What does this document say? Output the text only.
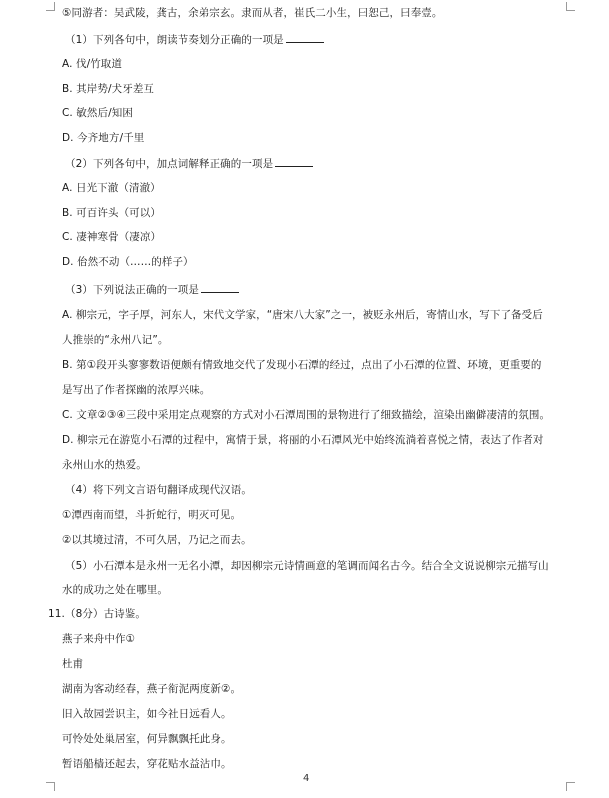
⑤同游者：吴武陵，龚古，余弟宗玄。隶而从者，崔氏二小生，曰恕己，曰奉壹。
（1）下列各句中，朗读节奏划分正确的一项是
A. 伐/竹取道
B. 其岸势/犬牙差互
C. 敏然后/知困
D. 今齐地方/千里
（2）下列各句中，加点词解释正确的一项是
A. 日光下澈（清澈）
B. 可百许头（可以）
C. 凄神寒骨（凄凉）
D. 佁然不动（……的样子）
（3）下列说法正确的一项是
A. 柳宗元，字子厚，河东人，宋代文学家，“唐宋八大家”之一，被贬永州后，寄情山水，写下了备受后
人推崇的“永州八记”。
B. 第①段开头寥寥数语便颇有情致地交代了发现小石潭的经过，点出了小石潭的位置、环境，更重要的
是写出了作者探幽的浓厚兴味。
C. 文章②③④三段中采用定点观察的方式对小石潭周围的景物进行了细致描绘，渲染出幽僻凄清的氛围。
D. 柳宗元在游览小石潭的过程中，寓情于景，将丽的小石潭风光中始终流淌着喜悦之情，表达了作者对
永州山水的热爱。
（4）将下列文言语句翻译成现代汉语。
①潭西南而望，斗折蛇行，明灭可见。
②以其境过清，不可久居，乃记之而去。
（5）小石潭本是永州一无名小潭，却因柳宗元诗情画意的笔调而闻名古今。结合全文说说柳宗元描写山
水的成功之处在哪里。
11.（8分）古诗鉴。
燕子来舟中作①
杜甫
湖南为客动经春，燕子衔泥两度新②。
旧入故园尝识主，如今社日远看人。
可怜处处巢居室，何异飘飘托此身。
暂语船樯还起去，穿花贴水益沾巾。
4
